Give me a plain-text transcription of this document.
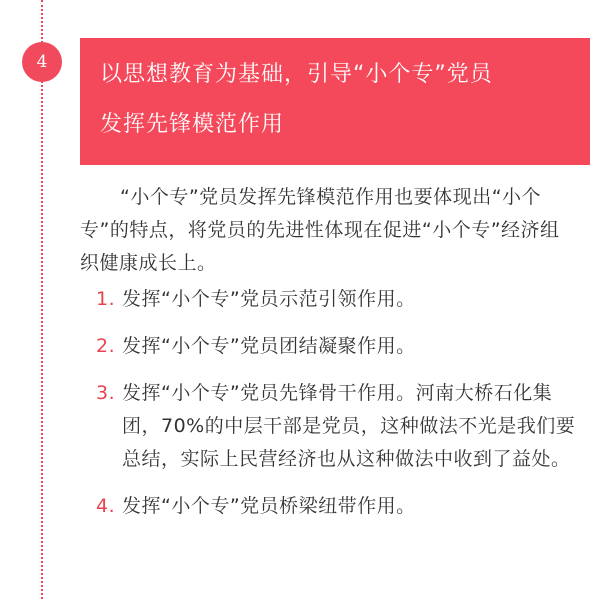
4	以思想教育为基础，引导“小个专”党员
发挥先锋模范作用

“小个专”党员发挥先锋模范作用也要体现出“小个专”的特点，将党员的先进性体现在促进“小个专”经济组织健康成长上。

1. 发挥“小个专”党员示范引领作用。
2. 发挥“小个专”党员团结凝聚作用。
3. 发挥“小个专”党员先锋骨干作用。河南大桥石化集团，70%的中层干部是党员，这种做法不光是我们要总结，实际上民营经济也从这种做法中收到了益处。
4. 发挥“小个专”党员桥梁纽带作用。
